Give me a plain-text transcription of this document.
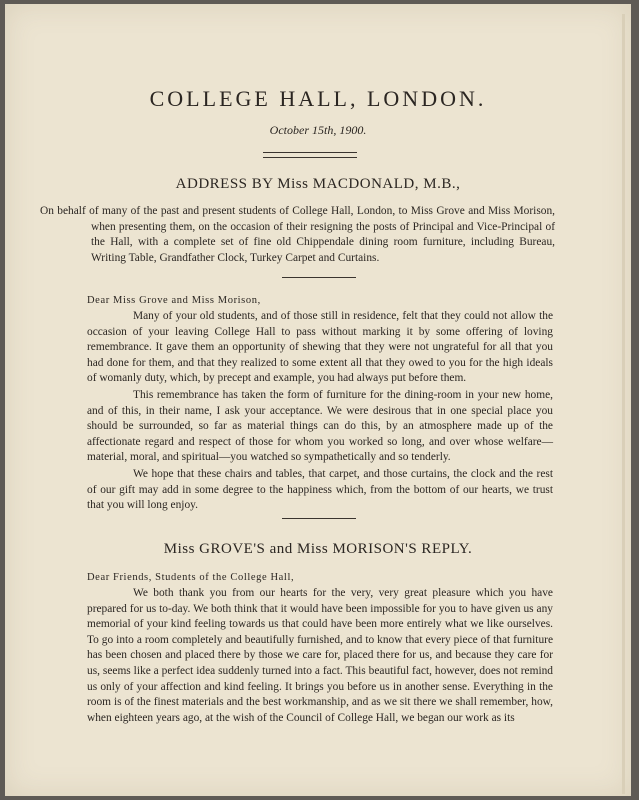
COLLEGE HALL, LONDON.
October 15th, 1900.
ADDRESS BY Miss MACDONALD, M.B.,
On behalf of many of the past and present students of College Hall, London, to Miss Grove and Miss Morison, when presenting them, on the occasion of their resigning the posts of Principal and Vice-Principal of the Hall, with a complete set of fine old Chippendale dining room furniture, including Bureau, Writing Table, Grandfather Clock, Turkey Carpet and Curtains.
Dear Miss Grove and Miss Morison,
Many of your old students, and of those still in residence, felt that they could not allow the occasion of your leaving College Hall to pass without marking it by some offering of loving remembrance. It gave them an opportunity of shewing that they were not ungrateful for all that you had done for them, and that they realized to some extent all that they owed to you for the high ideals of womanly duty, which, by precept and example, you had always put before them.
This remembrance has taken the form of furniture for the dining-room in your new home, and of this, in their name, I ask your acceptance. We were desirous that in one special place you should be surrounded, so far as material things can do this, by an atmosphere made up of the affectionate regard and respect of those for whom you worked so long, and over whose welfare—material, moral, and spiritual—you watched so sympathetically and so tenderly.
We hope that these chairs and tables, that carpet, and those curtains, the clock and the rest of our gift may add in some degree to the happiness which, from the bottom of our hearts, we trust that you will long enjoy.
Miss GROVE'S and Miss MORISON'S REPLY.
Dear Friends, Students of the College Hall,
We both thank you from our hearts for the very, very great pleasure which you have prepared for us to-day. We both think that it would have been impossible for you to have given us any memorial of your kind feeling towards us that could have been more entirely what we like ourselves. To go into a room completely and beautifully furnished, and to know that every piece of that furniture has been chosen and placed there by those we care for, placed there for us, and because they care for us, seems like a perfect idea suddenly turned into a fact. This beautiful fact, however, does not remind us only of your affection and kind feeling. It brings you before us in another sense. Everything in the room is of the finest materials and the best workmanship, and as we sit there we shall remember, how, when eighteen years ago, at the wish of the Council of College Hall, we began our work as its
